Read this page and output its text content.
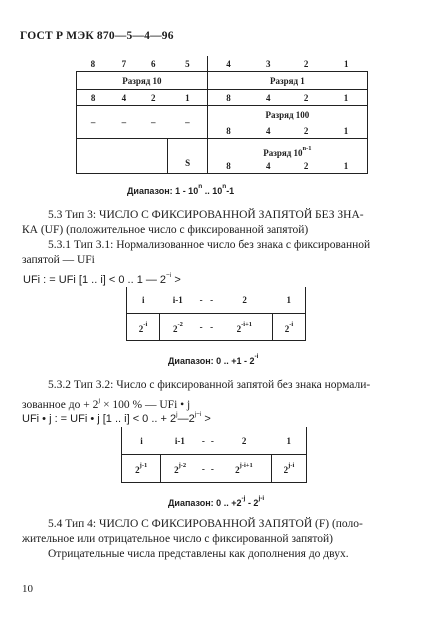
ГОСТ Р МЭК 870—5—4—96
8	7	6	5	4	3	2	1
Разряд 10				Разряд 1			
8	4	2	1	8	4	2	1
–	–	–	–	Разряд 100			
				8	4	2	1
			S	Разряд 10$^{n-1}$
				8	4	2	1
Диапазон: 1 - 10$^n$ .. 10$^n$-1
5.3 Тип 3: ЧИСЛО С ФИКСИРОВАННОЙ ЗАПЯТОЙ БЕЗ ЗНА-
КА (UF) (положительное число с фиксированной запятой)
5.3.1 Тип 3.1: Нормализованное число без знака с фиксированной
запятой — UFi
UFi : = UFi [1 .. i] < 0 .. 1 — $2^{-i}$ >
i	i-1	-	-	2	1
$2^{-i}$	$2^{-2}$	-	-	$2^{-i+1}$	$2^{-i}$
Диапазон: 0 .. $+1 - 2^{-i}$
5.3.2 Тип 3.2: Число с фиксированной запятой без знака нормали-
зованное до + $2^j \times 100$ % — UFi • j
UFi • j : = UFi • j [1 .. i] < 0 .. + $2^j—2^{j-i}$ >
i	i-1	-	-	2	1
2$^{j-1}$	2$^{j-2}$	-	-	$2^{j-i+1}$	2$^{j-i}$
Диапазон: 0 .. $+2^{-j} - 2^{j-i}$
5.4 Тип 4: ЧИСЛО С ФИКСИРОВАННОЙ ЗАПЯТОЙ (F) (поло-
жительное или отрицательное число с фиксированной запятой)
Отрицательные числа представлены как дополнения до двух.
10
